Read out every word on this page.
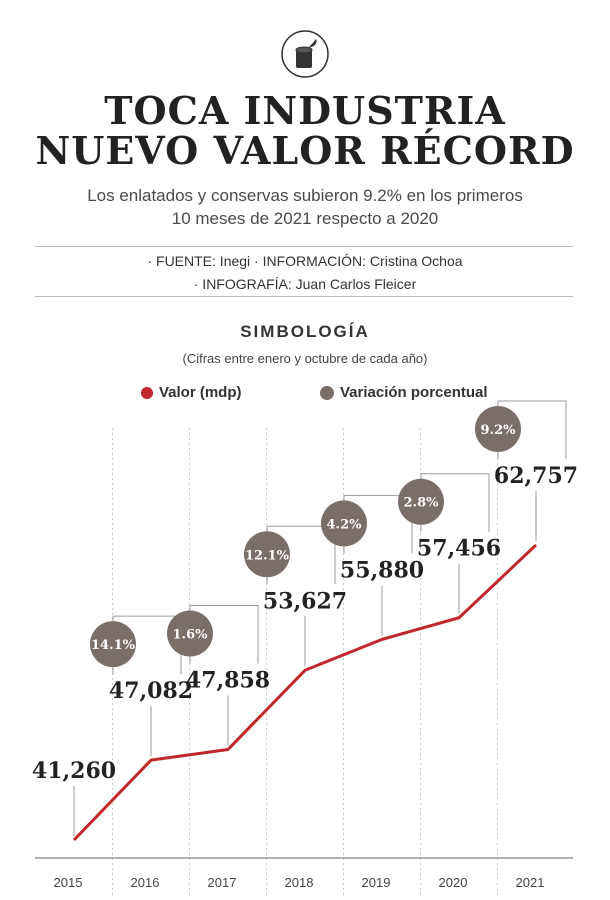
TOCA INDUSTRIA
NUEVO VALOR RÉCORD
Los enlatados y conservas subieron 9.2% en los primeros
10 meses de 2021 respecto a 2020
· FUENTE: Inegi · INFORMACIÓN: Cristina Ochoa
· INFOGRAFÍA: Juan Carlos Fleicer
SIMBOLOGÍA
(Cifras entre enero y octubre de cada año)
Valor (mdp)	Variación porcentual
2015	2016	2017	2018	2019	2020	2021
41,260
47,082
14.1%
47,858
1.6%
53,627
12.1%
55,880
4.2%
57,456
2.8%
62,757
9.2%
